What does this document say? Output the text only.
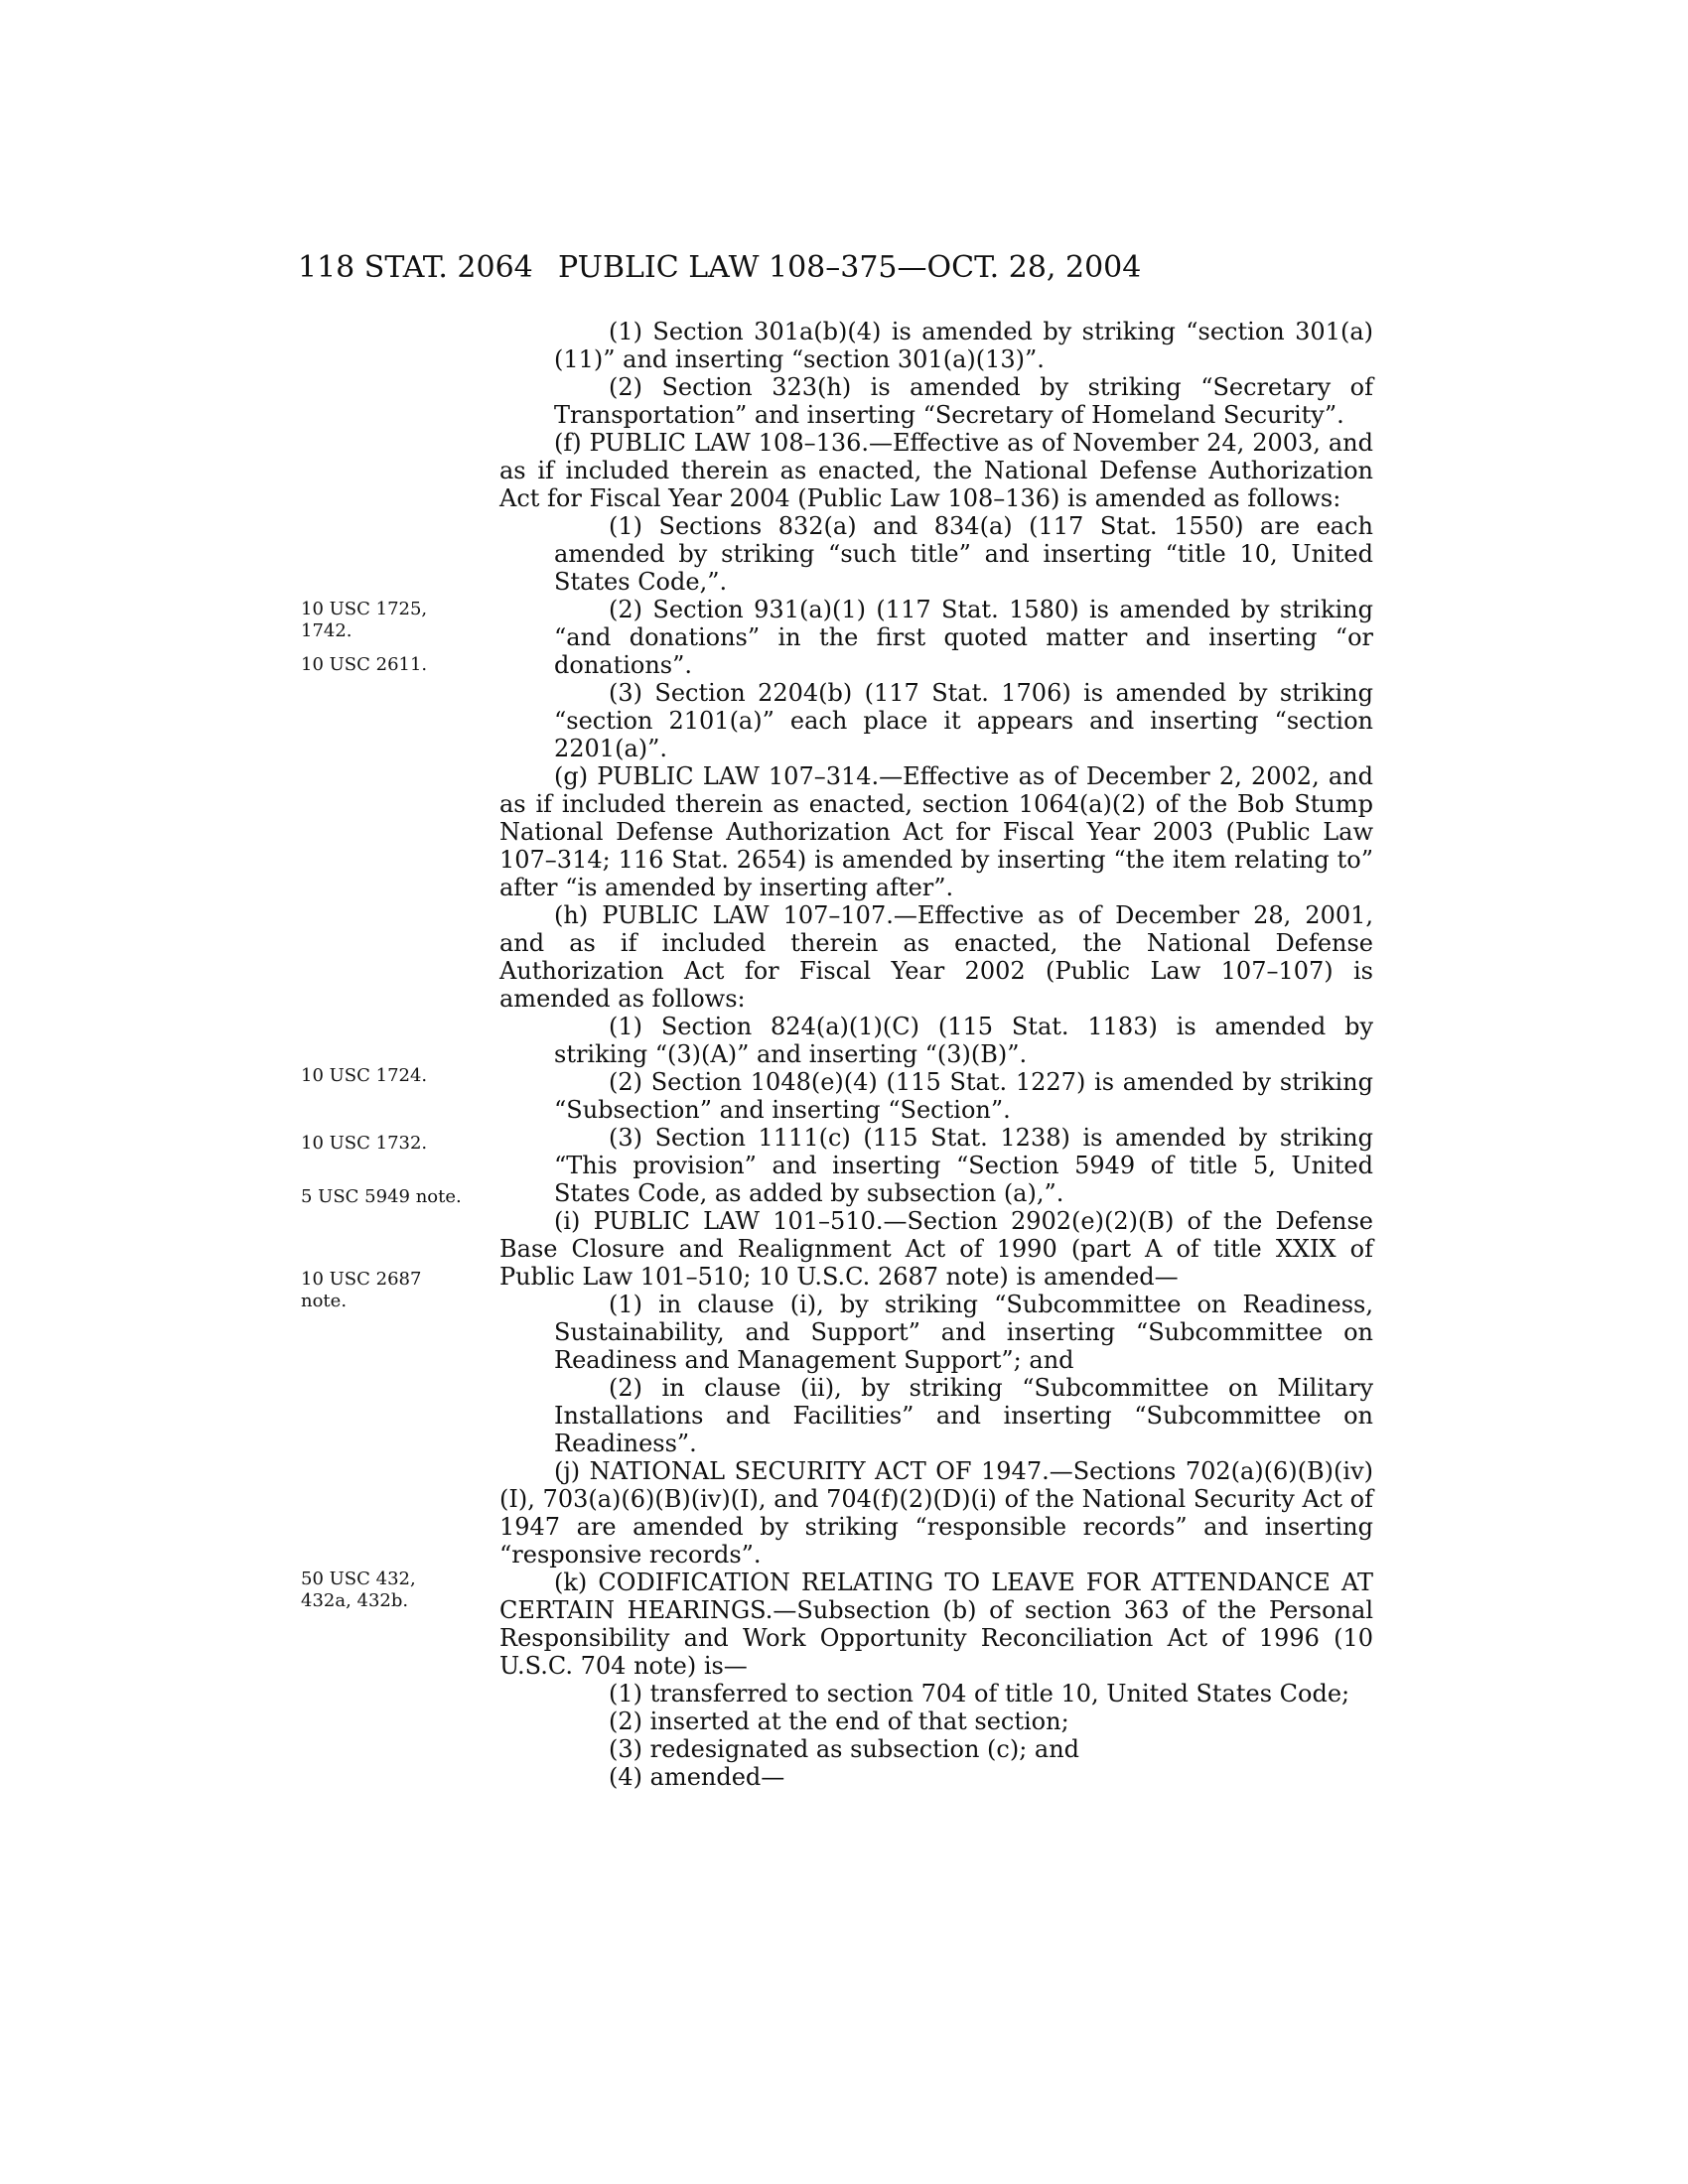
118 STAT. 2064 PUBLIC LAW 108–375—OCT. 28, 2004
10 USC 1725,
1742.
10 USC 2611.
10 USC 1724.
10 USC 1732.
5 USC 5949 note.
10 USC 2687
note.
50 USC 432,
432a, 432b.

(1) Section 301a(b)(4) is amended by striking “section 301(a)(11)” and inserting “section 301(a)(13)”.

(2) Section 323(h) is amended by striking “Secretary of Transportation” and inserting “Secretary of Homeland Security”.

(f) PUBLIC LAW 108–136.—Effective as of November 24, 2003, and as if included therein as enacted, the National Defense Authorization Act for Fiscal Year 2004 (Public Law 108–136) is amended as follows:

(1) Sections 832(a) and 834(a) (117 Stat. 1550) are each amended by striking “such title” and inserting “title 10, United States Code,”.

(2) Section 931(a)(1) (117 Stat. 1580) is amended by striking “and donations” in the first quoted matter and inserting “or donations”.

(3) Section 2204(b) (117 Stat. 1706) is amended by striking “section 2101(a)” each place it appears and inserting “section 2201(a)”.

(g) PUBLIC LAW 107–314.—Effective as of December 2, 2002, and as if included therein as enacted, section 1064(a)(2) of the Bob Stump National Defense Authorization Act for Fiscal Year 2003 (Public Law 107–314; 116 Stat. 2654) is amended by inserting “the item relating to” after “is amended by inserting after”.

(h) PUBLIC LAW 107–107.—Effective as of December 28, 2001, and as if included therein as enacted, the National Defense Authorization Act for Fiscal Year 2002 (Public Law 107–107) is amended as follows:

(1) Section 824(a)(1)(C) (115 Stat. 1183) is amended by striking “(3)(A)” and inserting “(3)(B)”.

(2) Section 1048(e)(4) (115 Stat. 1227) is amended by striking “Subsection” and inserting “Section”.

(3) Section 1111(c) (115 Stat. 1238) is amended by striking “This provision” and inserting “Section 5949 of title 5, United States Code, as added by subsection (a),”.

(i) PUBLIC LAW 101–510.—Section 2902(e)(2)(B) of the Defense Base Closure and Realignment Act of 1990 (part A of title XXIX of Public Law 101–510; 10 U.S.C. 2687 note) is amended—

(1) in clause (i), by striking “Subcommittee on Readiness, Sustainability, and Support” and inserting “Subcommittee on Readiness and Management Support”; and

(2) in clause (ii), by striking “Subcommittee on Military Installations and Facilities” and inserting “Subcommittee on Readiness”.

(j) NATIONAL SECURITY ACT OF 1947.—Sections 702(a)(6)(B)(iv)(I), 703(a)(6)(B)(iv)(I), and 704(f)(2)(D)(i) of the National Security Act of 1947 are amended by striking “responsible records” and inserting “responsive records”.

(k) CODIFICATION RELATING TO LEAVE FOR ATTENDANCE AT CERTAIN HEARINGS.—Subsection (b) of section 363 of the Personal Responsibility and Work Opportunity Reconciliation Act of 1996 (10 U.S.C. 704 note) is—

(1) transferred to section 704 of title 10, United States Code;

(2) inserted at the end of that section;

(3) redesignated as subsection (c); and

(4) amended—
